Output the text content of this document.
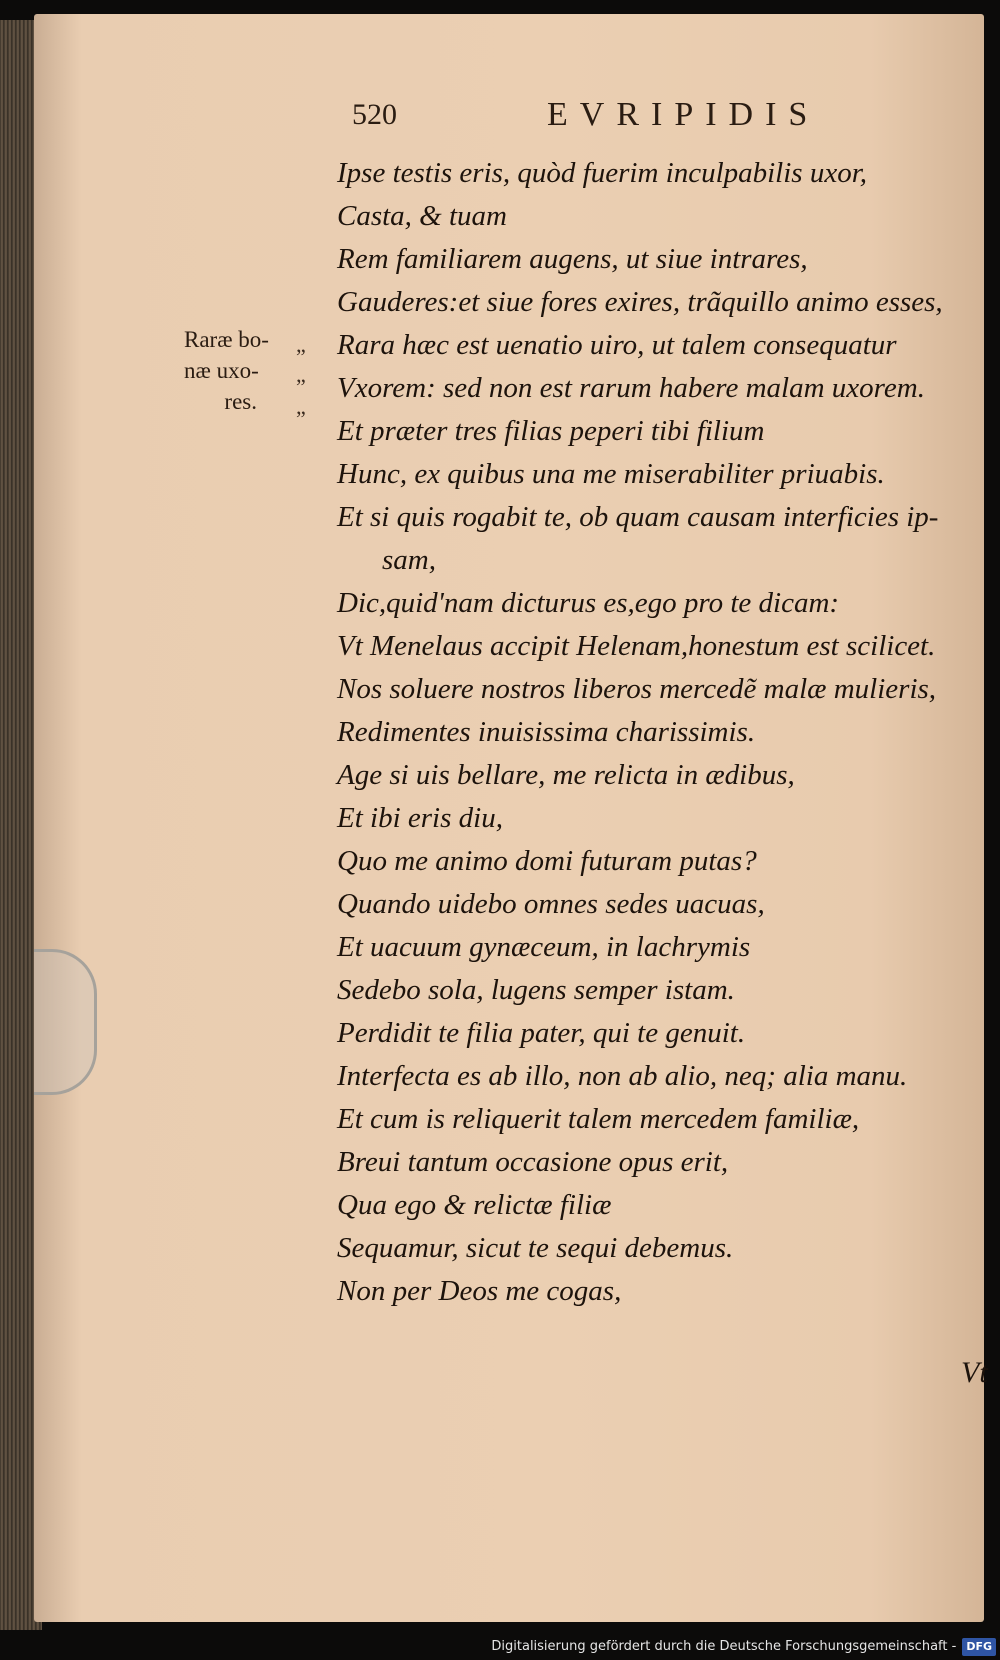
520	EVRIPIDIS
Raræ bo-
næ uxo-
res.
”
”
”
Ipse testis eris, quòd fuerim inculpabilis uxor,
Casta, & tuam
Rem familiarem augens, ut siue intrares,
Gauderes:et siue fores exires, trãquillo animo esses,
Rara hæc est uenatio uiro, ut talem consequatur
Vxorem: sed non est rarum habere malam uxorem.
Et præter tres filias peperi tibi filium
Hunc, ex quibus una me miserabiliter priuabis.
Et si quis rogabit te, ob quam causam interficies ip-
sam,
Dic,quid'nam dicturus es,ego pro te dicam:
Vt Menelaus accipit Helenam,honestum est scilicet.
Nos soluere nostros liberos mercedẽ malæ mulieris,
Redimentes inuisissima charissimis.
Age si uis bellare, me relicta in ædibus,
Et ibi eris diu,
Quo me animo domi futuram putas?
Quando uidebo omnes sedes uacuas,
Et uacuum gynæceum, in lachrymis
Sedebo sola, lugens semper istam.
Perdidit te filia pater, qui te genuit.
Interfecta es ab illo, non ab alio, neq; alia manu.
Et cum is reliquerit talem mercedem familiæ,
Breui tantum occasione opus erit,
Qua ego & relictæ filiæ
Sequamur, sicut te sequi debemus.
Non per Deos me cogas,
Vt
Digitalisierung gefördert durch die Deutsche Forschungsgemeinschaft - DFG
